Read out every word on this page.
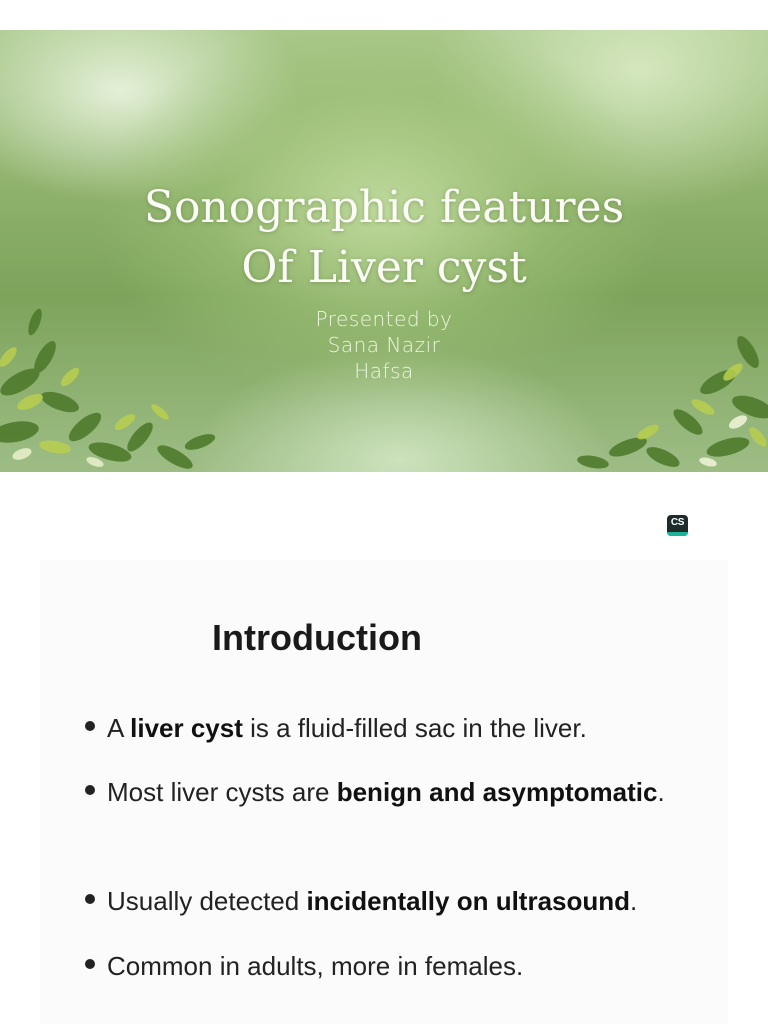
Sonographic features
Of Liver cyst
Presented by
Sana Nazir
Hafsa
CS
Introduction
A liver cyst is a fluid-filled sac in the liver.
Most liver cysts are benign and asymptomatic.
Usually detected incidentally on ultrasound.
Common in adults, more in females.
